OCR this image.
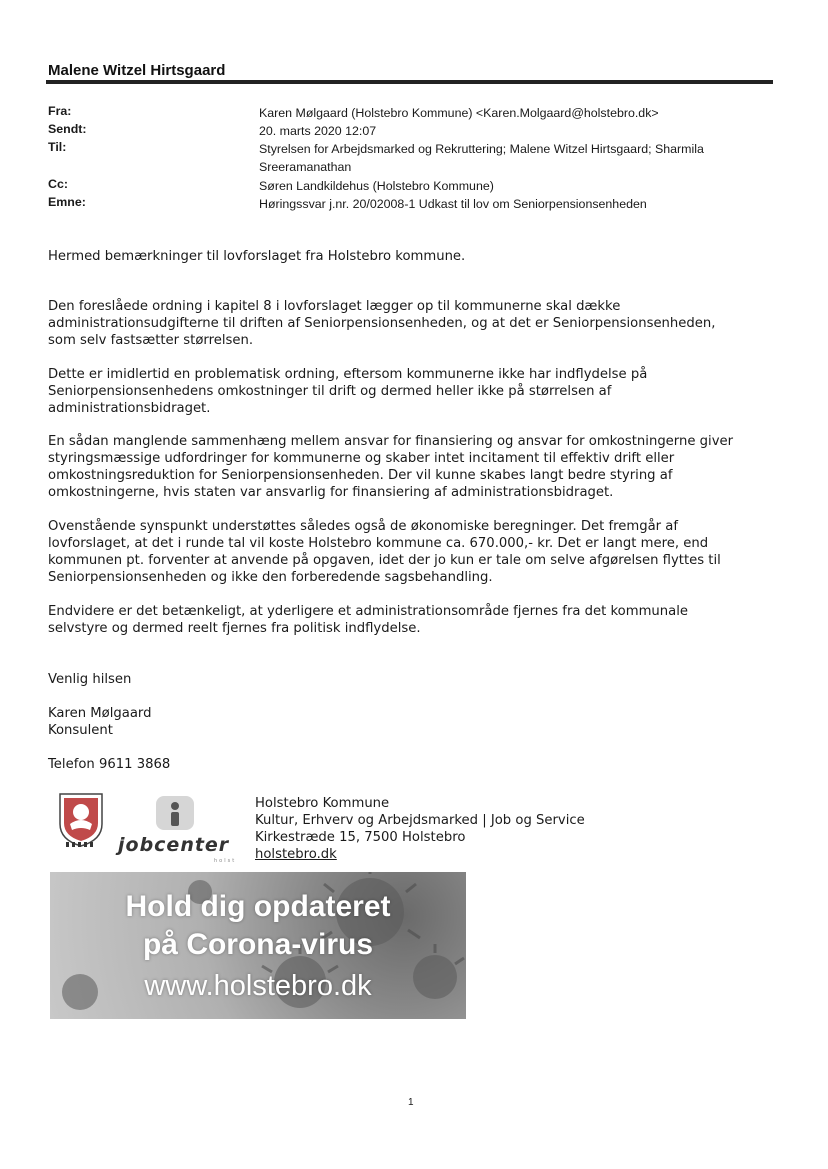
Malene Witzel Hirtsgaard
Fra:	Karen Mølgaard (Holstebro Kommune) <Karen.Molgaard@holstebro.dk>
Sendt:	20. marts 2020 12:07
Til:	Styrelsen for Arbejdsmarked og Rekruttering; Malene Witzel Hirtsgaard; Sharmila
Sreeramanathan
Cc:	Søren Landkildehus (Holstebro Kommune)
Emne:	Høringssvar j.nr. 20/02008-1 Udkast til lov om Seniorpensionsenheden

Hermed bemærkninger til lovforslaget fra Holstebro kommune.

Den foreslåede ordning i kapitel 8 i lovforslaget lægger op til kommunerne skal dække
administrationsudgifterne til driften af Seniorpensionsenheden, og at det er Seniorpensionsenheden,
som selv fastsætter størrelsen.

Dette er imidlertid en problematisk ordning, eftersom kommunerne ikke har indflydelse på
Seniorpensionsenhedens omkostninger til drift og dermed heller ikke på størrelsen af
administrationsbidraget.

En sådan manglende sammenhæng mellem ansvar for finansiering og ansvar for omkostningerne giver
styringsmæssige udfordringer for kommunerne og skaber intet incitament til effektiv drift eller
omkostningsreduktion for Seniorpensionsenheden. Der vil kunne skabes langt bedre styring af
omkostningerne, hvis staten var ansvarlig for finansiering af administrationsbidraget.

Ovenstående synspunkt understøttes således også de økonomiske beregninger. Det fremgår af
lovforslaget, at det i runde tal vil koste Holstebro kommune ca. 670.000,- kr. Det er langt mere, end
kommunen pt. forventer at anvende på opgaven, idet der jo kun er tale om selve afgørelsen flyttes til
Seniorpensionsenheden og ikke den forberedende sagsbehandling.

Endvidere er det betænkeligt, at yderligere et administrationsområde fjernes fra det kommunale
selvstyre og dermed reelt fjernes fra politisk indflydelse.

Venlig hilsen

Karen Mølgaard
Konsulent

Telefon 9611 3868

jobcenter
holst
Holstebro Kommune
Kultur, Erhverv og Arbejdsmarked | Job og Service
Kirkestræde 15, 7500 Holstebro
holstebro.dk
Hold dig opdateret
på Corona-virus
www.holstebro.dk
1
